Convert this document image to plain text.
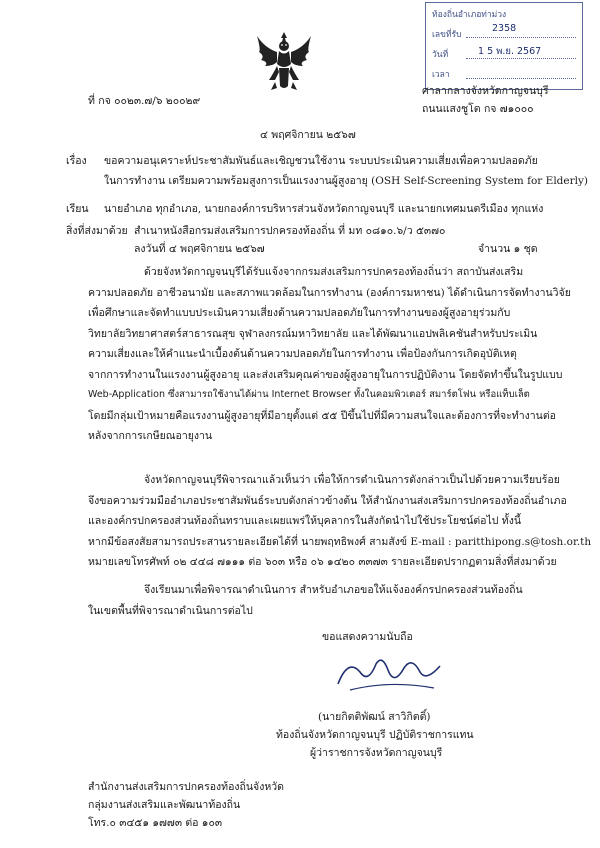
ท้องถิ่นอำเภอท่าม่วง
เลขที่รับ
2358
วันที่	1 5 พ.ย. 2567
เวลา
ที่ กจ ๐๐๒๓.๗/๖ ๒๐๐๒๙
ศาลากลางจังหวัดกาญจนบุรี
ถนนแสงชูโต กจ ๗๑๐๐๐
๔ พฤศจิกายน ๒๕๖๗
เรื่อง ขอความอนุเคราะห์ประชาสัมพันธ์และเชิญชวนใช้งาน ระบบประเมินความเสี่ยงเพื่อความปลอดภัย
ในการทำงาน เตรียมความพร้อมสูงการเป็นแรงงานผู้สูงอายุ (OSH Self-Screening System for Elderly)
เรียน นายอำเภอ ทุกอำเภอ, นายกองค์การบริหารส่วนจังหวัดกาญจนบุรี และนายกเทศมนตรีเมือง ทุกแห่ง
สิ่งที่ส่งมาด้วย สำเนาหนังสือกรมส่งเสริมการปกครองท้องถิ่น ที่ มท ๐๘๑๐.๖/ว ๕๓๗๐
ลงวันที่ ๔ พฤศจิกายน ๒๕๖๗	จำนวน ๑ ชุด
ด้วยจังหวัดกาญจนบุรีได้รับแจ้งจากกรมส่งเสริมการปกครองท้องถิ่นว่า สถาบันส่งเสริม
ความปลอดภัย อาชีวอนามัย และสภาพแวดล้อมในการทำงาน (องค์การมหาชน) ได้ดำเนินการจัดทำงานวิจัย
เพื่อศึกษาและจัดทำแบบประเมินความเสี่ยงด้านความปลอดภัยในการทำงานของผู้สูงอายุร่วมกับ
วิทยาลัยวิทยาศาสตร์สาธารณสุข จุฬาลงกรณ์มหาวิทยาลัย และได้พัฒนาแอปพลิเคชันสำหรับประเมิน
ความเสี่ยงและให้คำแนะนำเบื้องต้นด้านความปลอดภัยในการทำงาน เพื่อป้องกันการเกิดอุบัติเหตุ
จากการทำงานในแรงงานผู้สูงอายุ และส่งเสริมคุณค่าของผู้สูงอายุในการปฏิบัติงาน โดยจัดทำขึ้นในรูปแบบ
Web-Application ซึ่งสามารถใช้งานได้ผ่าน Internet Browser ทั้งในคอมพิวเตอร์ สมาร์ตโฟน หรือแท็บเล็ต
โดยมีกลุ่มเป้าหมายคือแรงงานผู้สูงอายุที่มีอายุตั้งแต่ ๕๕ ปีขึ้นไปที่มีความสนใจและต้องการที่จะทำงานต่อ
หลังจากการเกษียณอายุงาน
จังหวัดกาญจนบุรีพิจารณาแล้วเห็นว่า เพื่อให้การดำเนินการดังกล่าวเป็นไปด้วยความเรียบร้อย
จึงขอความร่วมมืออำเภอประชาสัมพันธ์ระบบดังกล่าวข้างต้น ให้สำนักงานส่งเสริมการปกครองท้องถิ่นอำเภอ
และองค์กรปกครองส่วนท้องถิ่นทราบและเผยแพร่ให้บุคลากรในสังกัดนำไปใช้ประโยชน์ต่อไป ทั้งนี้
หากมีข้อสงสัยสามารถประสานรายละเอียดได้ที่ นายพฤทธิพงศ์ สามสังข์ E-mail : paritthipong.s@tosh.or.th
หมายเลขโทรศัพท์ ๐๒ ๔๔๘ ๗๑๑๑ ต่อ ๖๐๓ หรือ ๐๖ ๑๔๒๐ ๓๓๗๓ รายละเอียดปรากฏตามสิ่งที่ส่งมาด้วย
จึงเรียนมาเพื่อพิจารณาดำเนินการ สำหรับอำเภอขอให้แจ้งองค์กรปกครองส่วนท้องถิ่น
ในเขตพื้นที่พิจารณาดำเนินการต่อไป
ขอแสดงความนับถือ
(นายกิตติพัฒน์ สาวิกิตติ์)
ท้องถิ่นจังหวัดกาญจนบุรี ปฏิบัติราชการแทน
ผู้ว่าราชการจังหวัดกาญจนบุรี
สำนักงานส่งเสริมการปกครองท้องถิ่นจังหวัด
กลุ่มงานส่งเสริมและพัฒนาท้องถิ่น
โทร.๐ ๓๔๕๑ ๑๗๗๓ ต่อ ๑๐๓
